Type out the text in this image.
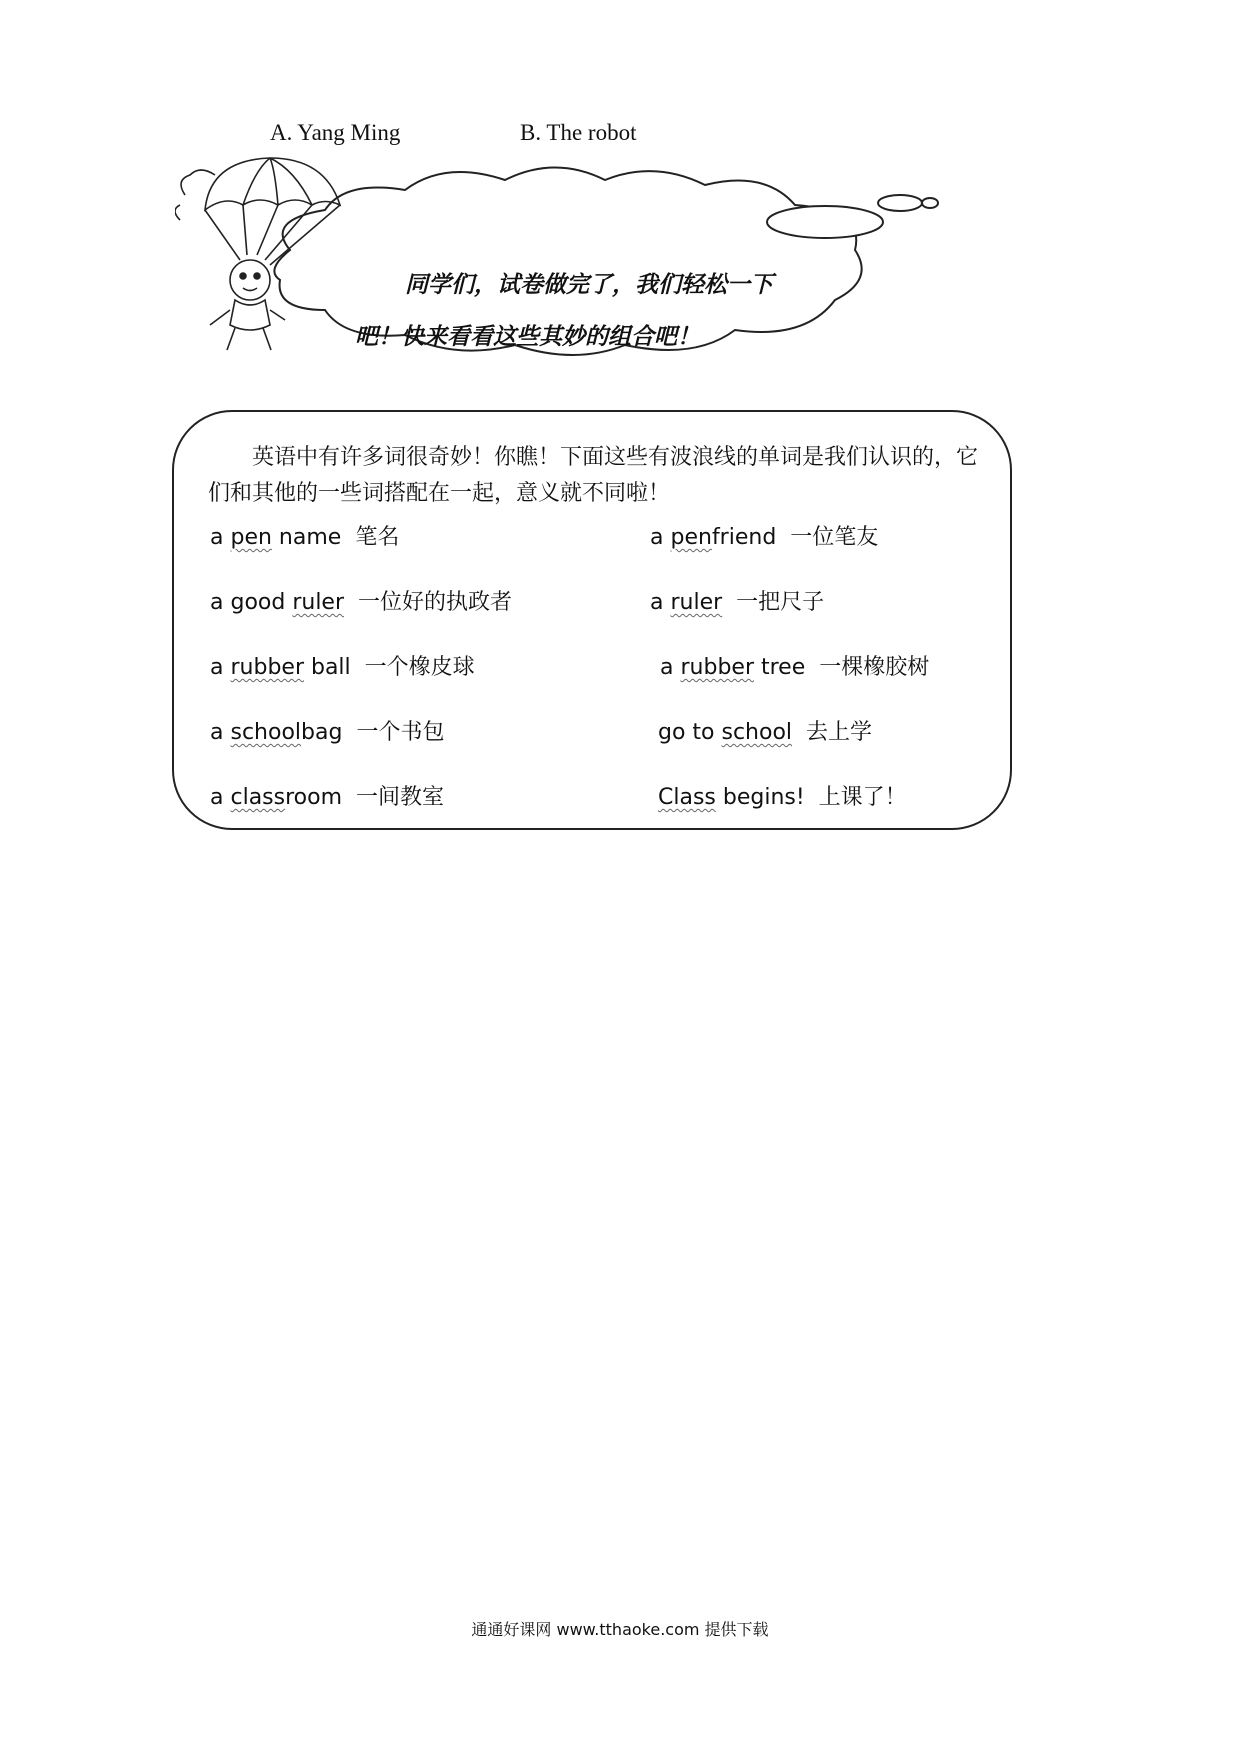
A. Yang Ming	B. The robot
同学们，试卷做完了，我们轻松一下
吧！快来看看这些其妙的组合吧！
英语中有许多词很奇妙！你瞧！下面这些有波浪线的单词是我们认识的，它们和其他的一些词搭配在一起，意义就不同啦！
a pen name  笔名	a penfriend  一位笔友
a good ruler  一位好的执政者	a ruler  一把尺子
a rubber ball  一个橡皮球	a rubber tree  一棵橡胶树
a schoolbag  一个书包	go to school  去上学
a classroom  一间教室	Class begins!  上课了！
通通好课网 www.tthaoke.com 提供下载
